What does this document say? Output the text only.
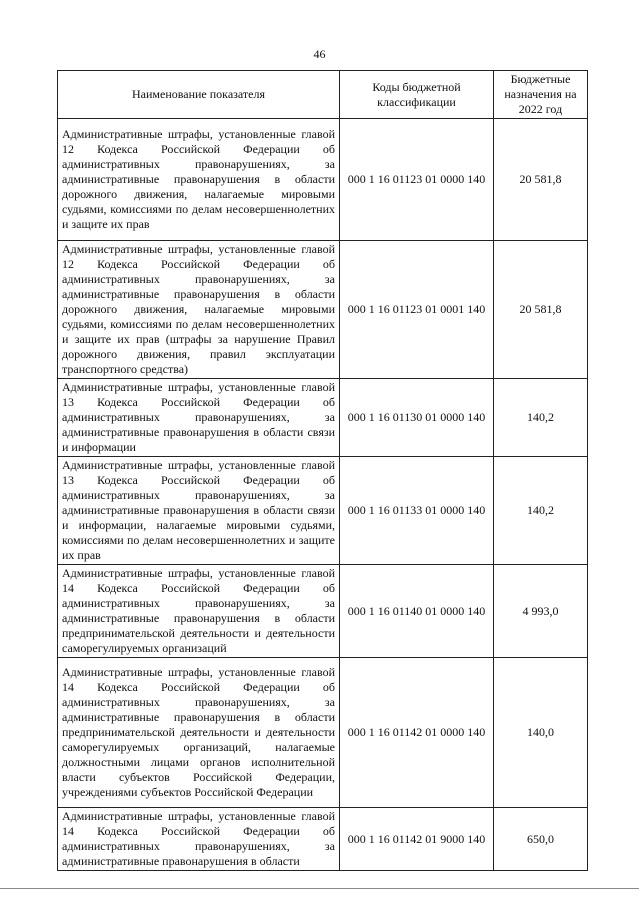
46
Наименование показателя	Коды бюджетной классификации	Бюджетные назначения на 2022 год
Административные штрафы, установленные главой 12 Кодекса Российской Федерации об административных правонарушениях, за административные правонарушения в области дорожного движения, налагаемые мировыми судьями, комиссиями по делам несовершеннолетних и защите их прав	000 1 16 01123 01 0000 140	20 581,8
Административные штрафы, установленные главой 12 Кодекса Российской Федерации об административных правонарушениях, за административные правонарушения в области дорожного движения, налагаемые мировыми судьями, комиссиями по делам несовершеннолетних и защите их прав (штрафы за нарушение Правил дорожного движения, правил эксплуатации транспортного средства)	000 1 16 01123 01 0001 140	20 581,8
Административные штрафы, установленные главой 13 Кодекса Российской Федерации об административных правонарушениях, за административные правонарушения в области связи и информации	000 1 16 01130 01 0000 140	140,2
Административные штрафы, установленные главой 13 Кодекса Российской Федерации об административных правонарушениях, за административные правонарушения в области связи и информации, налагаемые мировыми судьями, комиссиями по делам несовершеннолетних и защите их прав	000 1 16 01133 01 0000 140	140,2
Административные штрафы, установленные главой 14 Кодекса Российской Федерации об административных правонарушениях, за административные правонарушения в области предпринимательской деятельности и деятельности саморегулируемых организаций	000 1 16 01140 01 0000 140	4 993,0
Административные штрафы, установленные главой 14 Кодекса Российской Федерации об административных правонарушениях, за административные правонарушения в области предпринимательской деятельности и деятельности саморегулируемых организаций, налагаемые должностными лицами органов исполнительной власти субъектов Российской Федерации, учреждениями субъектов Российской Федерации	000 1 16 01142 01 0000 140	140,0
Административные штрафы, установленные главой 14 Кодекса Российской Федерации об административных правонарушениях, за административные правонарушения в области	000 1 16 01142 01 9000 140	650,0
